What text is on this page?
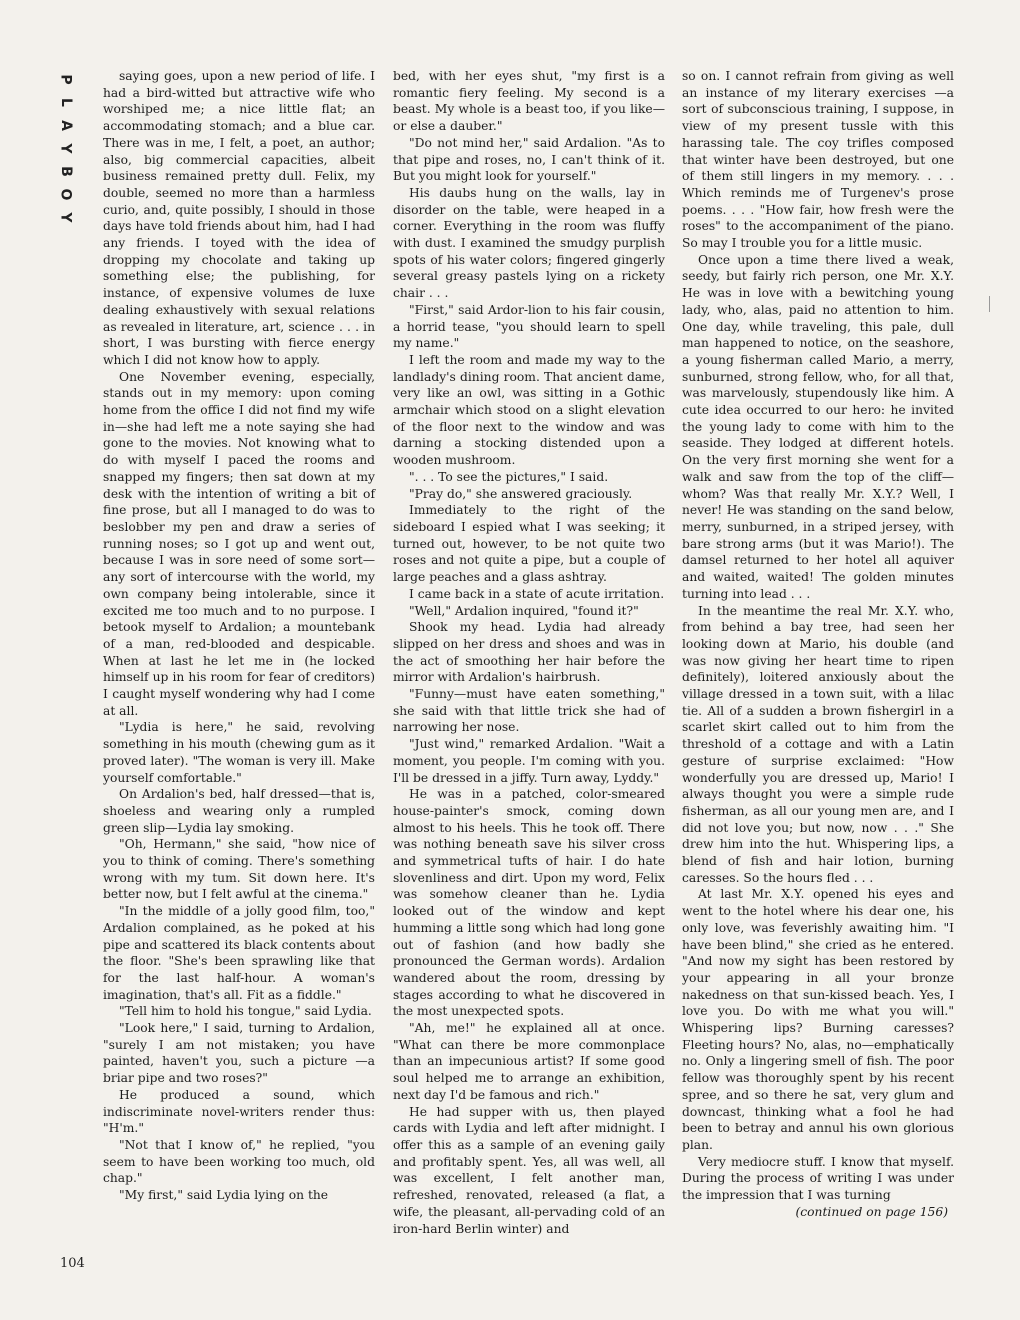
P
L
A
Y
B
O
Y

saying goes, upon a new period of life. I had a bird-witted but attractive wife who worshiped me; a nice little flat; an accommodating stomach; and a blue car. There was in me, I felt, a poet, an author; also, big commercial capacities, albeit business remained pretty dull. Felix, my double, seemed no more than a harmless curio, and, quite possibly, I should in those days have told friends about him, had I had any friends. I toyed with the idea of dropping my chocolate and taking up something else; the publishing, for instance, of expensive volumes de luxe dealing exhaustively with sexual relations as revealed in literature, art, science . . . in short, I was bursting with fierce energy which I did not know how to apply.

One November evening, especially, stands out in my memory: upon coming home from the office I did not find my wife in—she had left me a note saying she had gone to the movies. Not knowing what to do with myself I paced the rooms and snapped my fingers; then sat down at my desk with the intention of writing a bit of fine prose, but all I managed to do was to beslobber my pen and draw a series of running noses; so I got up and went out, because I was in sore need of some sort—any sort of intercourse with the world, my own company being intolerable, since it excited me too much and to no purpose. I betook myself to Ardalion; a mountebank of a man, red-blooded and despicable. When at last he let me in (he locked himself up in his room for fear of creditors) I caught myself wondering why had I come at all.

"Lydia is here," he said, revolving something in his mouth (chewing gum as it proved later). "The woman is very ill. Make yourself comfortable."

On Ardalion's bed, half dressed—that is, shoeless and wearing only a rumpled green slip—Lydia lay smoking.

"Oh, Hermann," she said, "how nice of you to think of coming. There's something wrong with my tum. Sit down here. It's better now, but I felt awful at the cinema."

"In the middle of a jolly good film, too," Ardalion complained, as he poked at his pipe and scattered its black contents about the floor. "She's been sprawling like that for the last half-hour. A woman's imagination, that's all. Fit as a fiddle."

"Tell him to hold his tongue," said Lydia.

"Look here," I said, turning to Ardalion, "surely I am not mistaken; you have painted, haven't you, such a picture —a briar pipe and two roses?"

He produced a sound, which indiscriminate novel-writers render thus: "H'm."

"Not that I know of," he replied, "you seem to have been working too much, old chap."

"My first," said Lydia lying on the

bed, with her eyes shut, "my first is a romantic fiery feeling. My second is a beast. My whole is a beast too, if you like—or else a dauber."

"Do not mind her," said Ardalion. "As to that pipe and roses, no, I can't think of it. But you might look for yourself."

His daubs hung on the walls, lay in disorder on the table, were heaped in a corner. Everything in the room was fluffy with dust. I examined the smudgy purplish spots of his water colors; fingered gingerly several greasy pastels lying on a rickety chair . . .

"First," said Ardor-lion to his fair cousin, a horrid tease, "you should learn to spell my name."

I left the room and made my way to the landlady's dining room. That ancient dame, very like an owl, was sitting in a Gothic armchair which stood on a slight elevation of the floor next to the window and was darning a stocking distended upon a wooden mushroom.

". . . To see the pictures," I said.

"Pray do," she answered graciously.

Immediately to the right of the sideboard I espied what I was seeking; it turned out, however, to be not quite two roses and not quite a pipe, but a couple of large peaches and a glass ashtray.

I came back in a state of acute irritation.

"Well," Ardalion inquired, "found it?"

Shook my head. Lydia had already slipped on her dress and shoes and was in the act of smoothing her hair before the mirror with Ardalion's hairbrush.

"Funny—must have eaten something," she said with that little trick she had of narrowing her nose.

"Just wind," remarked Ardalion. "Wait a moment, you people. I'm coming with you. I'll be dressed in a jiffy. Turn away, Lyddy."

He was in a patched, color-smeared house-painter's smock, coming down almost to his heels. This he took off. There was nothing beneath save his silver cross and symmetrical tufts of hair. I do hate slovenliness and dirt. Upon my word, Felix was somehow cleaner than he. Lydia looked out of the window and kept humming a little song which had long gone out of fashion (and how badly she pronounced the German words). Ardalion wandered about the room, dressing by stages according to what he discovered in the most unexpected spots.

"Ah, me!" he explained all at once. "What can there be more commonplace than an impecunious artist? If some good soul helped me to arrange an exhibition, next day I'd be famous and rich."

He had supper with us, then played cards with Lydia and left after midnight. I offer this as a sample of an evening gaily and profitably spent. Yes, all was well, all was excellent, I felt another man, refreshed, renovated, released (a flat, a wife, the pleasant, all-pervading cold of an iron-hard Berlin winter) and

so on. I cannot refrain from giving as well an instance of my literary exercises —a sort of subconscious training, I suppose, in view of my present tussle with this harassing tale. The coy trifles composed that winter have been destroyed, but one of them still lingers in my memory. . . . Which reminds me of Turgenev's prose poems. . . . "How fair, how fresh were the roses" to the accompaniment of the piano. So may I trouble you for a little music.

Once upon a time there lived a weak, seedy, but fairly rich person, one Mr. X.Y. He was in love with a bewitching young lady, who, alas, paid no attention to him. One day, while traveling, this pale, dull man happened to notice, on the seashore, a young fisherman called Mario, a merry, sunburned, strong fellow, who, for all that, was marvelously, stupendously like him. A cute idea occurred to our hero: he invited the young lady to come with him to the seaside. They lodged at different hotels. On the very first morning she went for a walk and saw from the top of the cliff—whom? Was that really Mr. X.Y.? Well, I never! He was standing on the sand below, merry, sunburned, in a striped jersey, with bare strong arms (but it was Mario!). The damsel returned to her hotel all aquiver and waited, waited! The golden minutes turning into lead . . .

In the meantime the real Mr. X.Y. who, from behind a bay tree, had seen her looking down at Mario, his double (and was now giving her heart time to ripen definitely), loitered anxiously about the village dressed in a town suit, with a lilac tie. All of a sudden a brown fishergirl in a scarlet skirt called out to him from the threshold of a cottage and with a Latin gesture of surprise exclaimed: "How wonderfully you are dressed up, Mario! I always thought you were a simple rude fisherman, as all our young men are, and I did not love you; but now, now . . ." She drew him into the hut. Whispering lips, a blend of fish and hair lotion, burning caresses. So the hours fled . . .

At last Mr. X.Y. opened his eyes and went to the hotel where his dear one, his only love, was feverishly awaiting him. "I have been blind," she cried as he entered. "And now my sight has been restored by your appearing in all your bronze nakedness on that sun-kissed beach. Yes, I love you. Do with me what you will." Whispering lips? Burning caresses? Fleeting hours? No, alas, no—emphatically no. Only a lingering smell of fish. The poor fellow was thoroughly spent by his recent spree, and so there he sat, very glum and downcast, thinking what a fool he had been to betray and annul his own glorious plan.

Very mediocre stuff. I know that myself. During the process of writing I was under the impression that I was turning

(continued on page 156)

104
